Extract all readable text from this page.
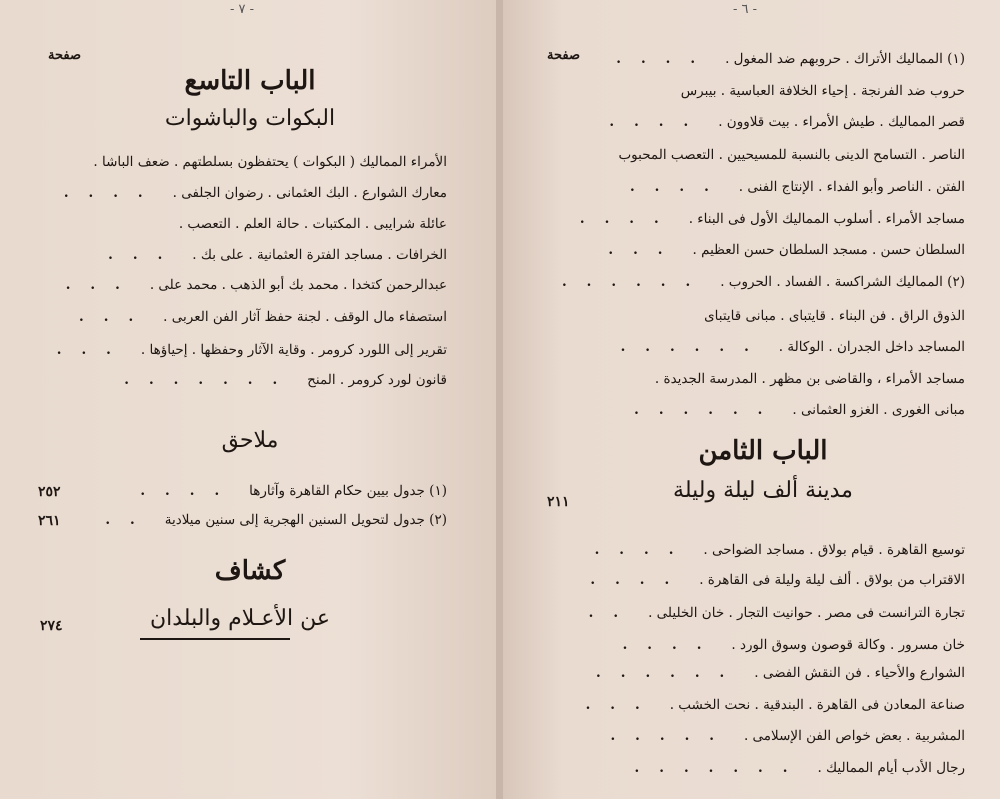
- ٧ -
صفحة
الباب التاسع
البكوات والباشوات
الأمراء المماليك ( البكوات ) يحتفظون بسلطتهم . ضعف الباشا .
معارك الشوارع . البك العثمانى . رضوان الجلفى .....
عائلة شرايبى . المكتبات . حالة العلم . التعصب .
الخرافات . مساجد الفترة العثمانية . على بك ....
عبدالرحمن كتخدا . محمد بك أبو الذهب . محمد على ....
استصفاء مال الوقف . لجنة حفظ آثار الفن العربى ....
تقرير إلى اللورد كرومر . وقاية الآثار وحفظها . إحياؤها ....
قانون لورد كرومر . المنح.......
ملاحق
(١) جدول بيين حكام القاهرة وآثارها....
٢٥٢
(٢) جدول لتحويل السنين الهجرية إلى سنين ميلادية..
٢٦١
كشاف
عن الأعـلام والبلدان
٢٧٤
- ٦ -
صفحة	(١) المماليك الأتراك . حروبهم ضد المغول .....
حروب ضد الفرنجة . إحياء الخلافة العباسية . بيبرس
قصر المماليك . طيش الأمراء . بيت قلاوون .....
الناصر . التسامح الدينى بالنسبة للمسيحيين . التعصب المحبوب
الفتن . الناصر وأبو الفداء . الإنتاج الفنى .....
مساجد الأمراء . أسلوب المماليك الأول فى البناء .....
السلطان حسن . مسجد السلطان حسن العظيم ....
(٢) المماليك الشراكسة . الفساد . الحروب .......
الذوق الراق . فن البناء . قايتباى . مبانى قايتباى
المساجد داخل الجدران . الوكالة .......
مساجد الأمراء ، والقاضى بن مظهر . المدرسة الجديدة .
مبانى الغورى . الغزو العثمانى .......
الباب الثامن
مدينة ألف ليلة وليلة
٢١١
توسيع القاهرة . قيام بولاق . مساجد الضواحى .....
الاقتراب من بولاق . ألف ليلة وليلة فى القاهرة .....
تجارة الترانست فى مصر . حوانيت التجار . خان الخليلى ...
خان مسرور . وكالة قوصون وسوق الورد .....
الشوارع والأحياء . فن النقش الفضى .......
صناعة المعادن فى القاهرة . البندقية . نحت الخشب ....
المشربية . بعض خواص الفن الإسلامى ......
رجال الأدب أيام المماليك ........
